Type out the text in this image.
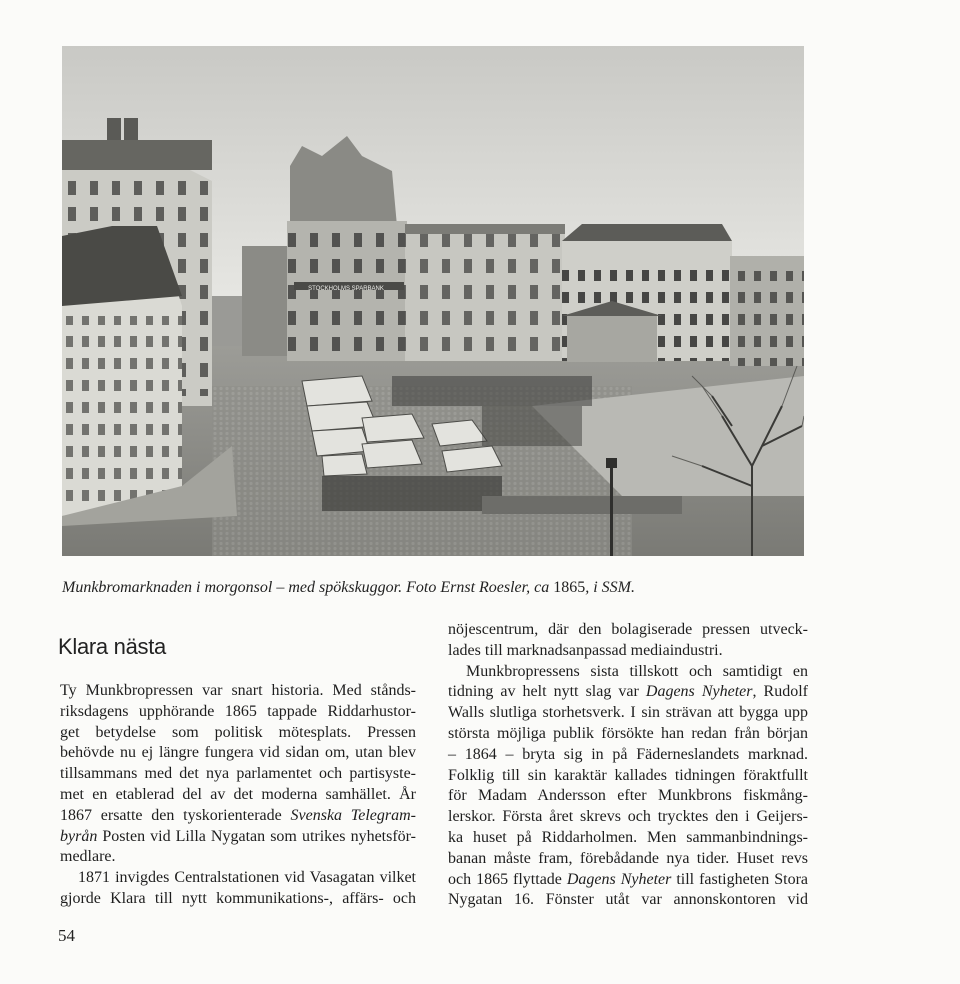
STOCKHOLMS SPARBANK
Munkbromarknaden i morgonsol – med spökskuggor. Foto Ernst Roesler, ca 1865, i SSM.
Klara nästa
Ty Munkbropressen var snart historia. Med stånds-
riksdagens upphörande 1865 tappade Riddarhustor-
get betydelse som politisk mötesplats. Pressen
behövde nu ej längre fungera vid sidan om, utan blev
tillsammans med det nya parlamentet och partisyste-
met en etablerad del av det moderna samhället. År
1867 ersatte den tyskorienterade Svenska Telegram-
byrån Posten vid Lilla Nygatan som utrikes nyhetsför-
medlare.
1871 invigdes Centralstationen vid Vasagatan vilket
gjorde Klara till nytt kommunikations-, affärs- och
nöjescentrum, där den bolagiserade pressen utveck-
lades till marknadsanpassad mediaindustri.
Munkbropressens sista tillskott och samtidigt en
tidning av helt nytt slag var Dagens Nyheter, Rudolf
Walls slutliga storhetsverk. I sin strävan att bygga upp
största möjliga publik försökte han redan från början
– 1864 – bryta sig in på Fäderneslandets marknad.
Folklig till sin karaktär kallades tidningen föraktfullt
för Madam Andersson efter Munkbrons fiskmång-
lerskor. Första året skrevs och trycktes den i Geijers-
ka huset på Riddarholmen. Men sammanbindnings-
banan måste fram, förebådande nya tider. Huset revs
och 1865 flyttade Dagens Nyheter till fastigheten Stora
Nygatan 16. Fönster utåt var annonskontoren vid
54
